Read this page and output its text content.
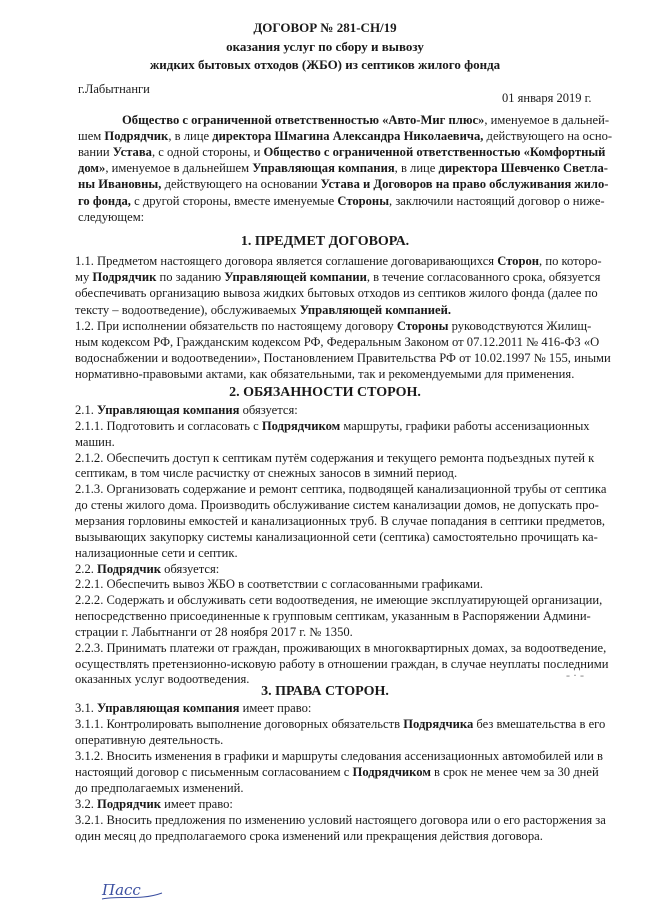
ДОГОВОР № 281-СН/19
оказания услуг по сбору и вывозу
жидких бытовых отходов (ЖБО) из септиков жилого фонда
г.Лабытнанги
01 января 2019 г.
Общество с ограниченной ответственностью «Авто-Миг плюс», именуемое в дальней-
шем Подрядчик, в лице директора Шмагина Александра Николаевича, действующего на осно-
вании Устава, с одной стороны, и Общество с ограниченной ответственностью «Комфортный
дом», именуемое в дальнейшем Управляющая компания, в лице директора Шевченко Светла-
ны Ивановны, действующего на основании Устава и Договоров на право обслуживания жило-
го фонда, с другой стороны, вместе именуемые Стороны, заключили настоящий договор о ниже-
следующем:
1. ПРЕДМЕТ ДОГОВОРА.
1.1. Предметом настоящего договора является соглашение договаривающихся Сторон, по которо-
му Подрядчик по заданию Управляющей компании, в течение согласованного срока, обязуется
обеспечивать организацию вывоза жидких бытовых отходов из септиков жилого фонда (далее по
тексту – водоотведение), обслуживаемых Управляющей компанией.
1.2. При исполнении обязательств по настоящему договору Стороны руководствуются Жилищ-
ным кодексом РФ, Гражданским кодексом РФ, Федеральным Законом от 07.12.2011 № 416-ФЗ «О
водоснабжении и водоотведении», Постановлением Правительства РФ от 10.02.1997 № 155, иными
нормативно-правовыми актами, как обязательными, так и рекомендуемыми для применения.
2. ОБЯЗАННОСТИ СТОРОН.
2.1. Управляющая компания обязуется:
2.1.1. Подготовить и согласовать с Подрядчиком маршруты, графики работы ассенизационных
машин.
2.1.2. Обеспечить доступ к септикам путём содержания и текущего ремонта подъездных путей к
септикам, в том числе расчистку от снежных заносов в зимний период.
2.1.3. Организовать содержание и ремонт септика, подводящей канализационной трубы от септика
до стены жилого дома. Производить обслуживание систем канализации домов, не допускать про-
мерзания горловины емкостей и канализационных труб. В случае попадания в септики предметов,
вызывающих закупорку системы канализационной сети (септика) самостоятельно прочищать ка-
нализационные сети и септик.
2.2. Подрядчик обязуется:
2.2.1. Обеспечить вывоз ЖБО в соответствии с согласованными графиками.
2.2.2. Содержать и обслуживать сети водоотведения, не имеющие эксплуатирующей организации,
непосредственно присоединенные к групповым септикам, указанным в Распоряжении Админи-
страции г. Лабытнанги от 28 ноября 2017 г. № 1350.
2.2.3. Принимать платежи от граждан, проживающих в многоквартирных домах, за водоотведение,
осуществлять претензионно-исковую работу в отношении граждан, в случае неуплаты последними
оказанных услуг водоотведения.
3. ПРАВА СТОРОН.
3.1. Управляющая компания имеет право:
3.1.1. Контролировать выполнение договорных обязательств Подрядчика без вмешательства в его
оперативную деятельность.
3.1.2. Вносить изменения в графики и маршруты следования ассенизационных автомобилей или в
настоящий договор с письменным согласованием с Подрядчиком в срок не менее чем за 30 дней
до предполагаемых изменений.
3.2. Подрядчик имеет право:
3.2.1. Вносить предложения по изменению условий настоящего договора или о его расторжения за
один месяц до предполагаемого срока изменений или прекращения действия договора.
- · -
Пасс
